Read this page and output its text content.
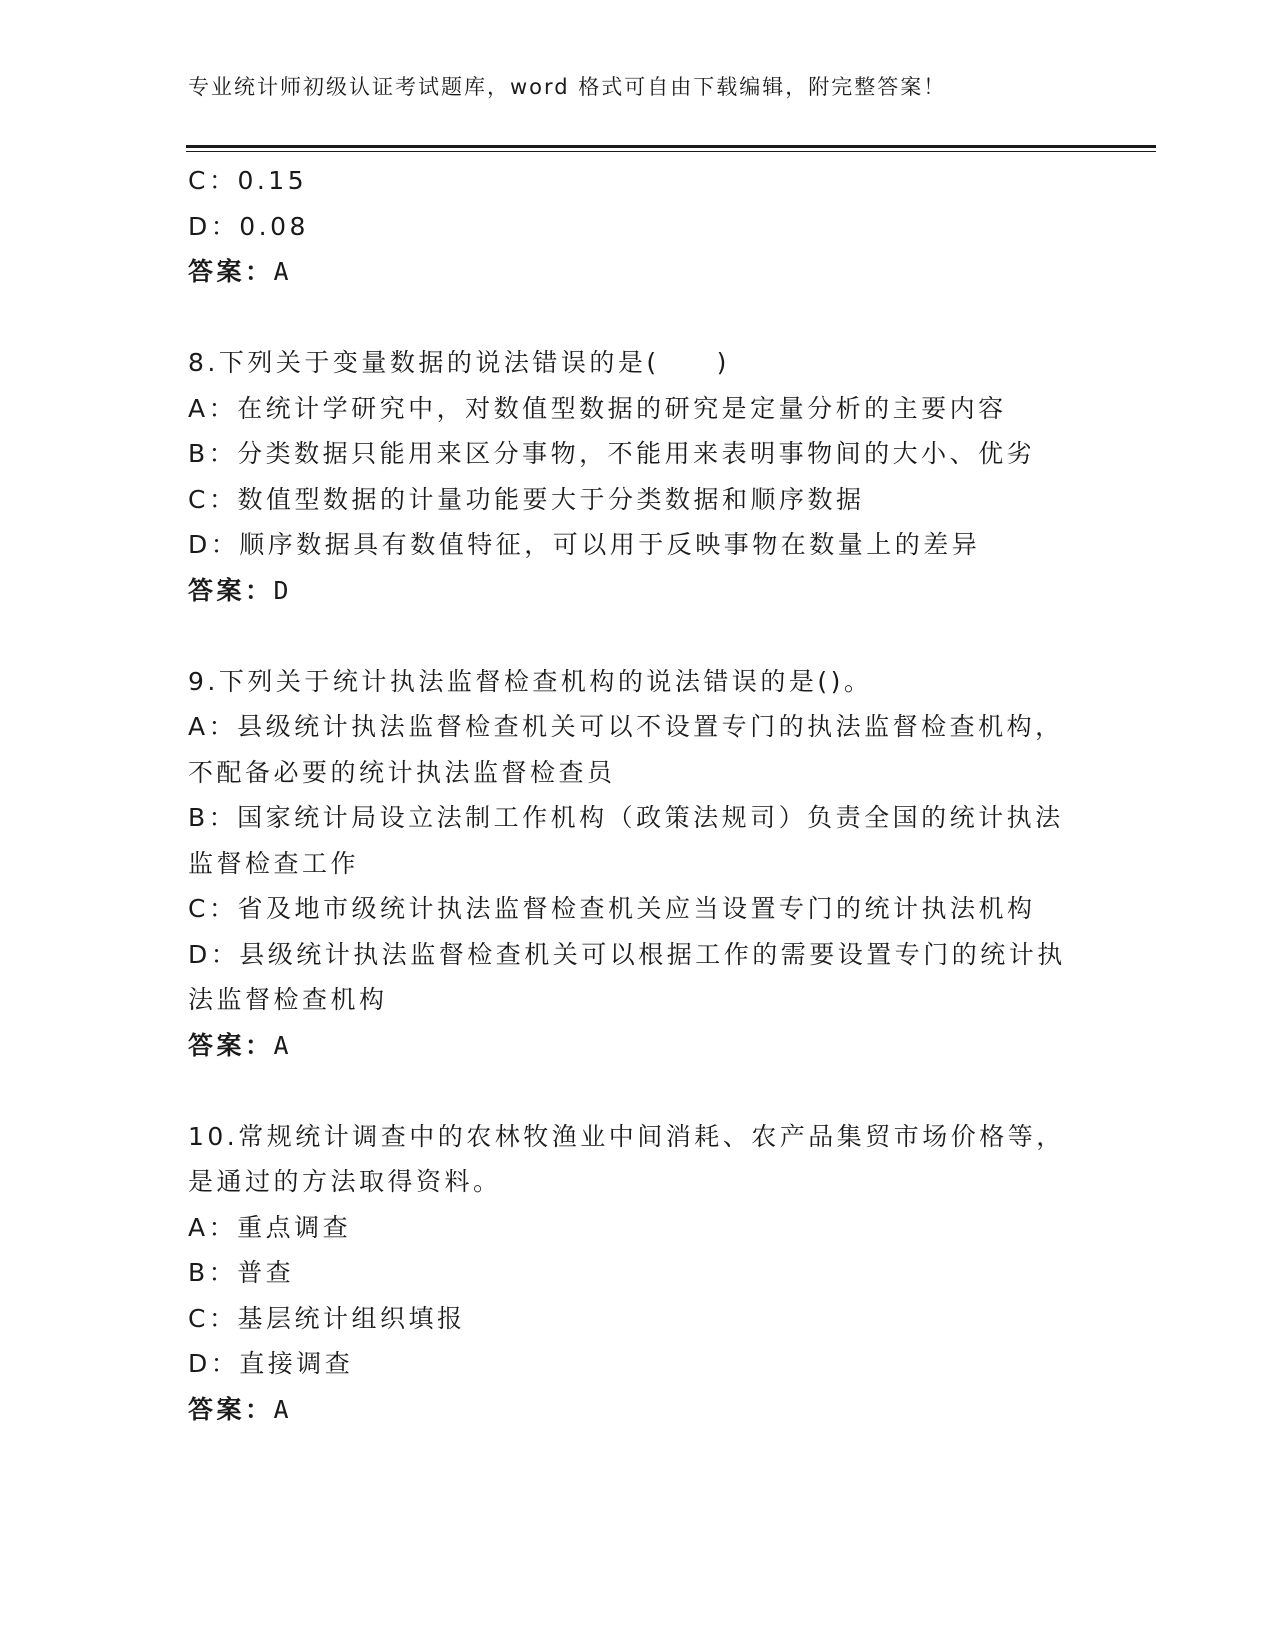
专业统计师初级认证考试题库，word 格式可自由下载编辑，附完整答案！
C：0.15
D：0.08
答案：A
8.下列关于变量数据的说法错误的是(　　)
A：在统计学研究中，对数值型数据的研究是定量分析的主要内容
B：分类数据只能用来区分事物，不能用来表明事物间的大小、优劣
C：数值型数据的计量功能要大于分类数据和顺序数据
D：顺序数据具有数值特征，可以用于反映事物在数量上的差异
答案：D
9.下列关于统计执法监督检查机构的说法错误的是()。
A：县级统计执法监督检查机关可以不设置专门的执法监督检查机构，
不配备必要的统计执法监督检查员
B：国家统计局设立法制工作机构（政策法规司）负责全国的统计执法
监督检查工作
C：省及地市级统计执法监督检查机关应当设置专门的统计执法机构
D：县级统计执法监督检查机关可以根据工作的需要设置专门的统计执
法监督检查机构
答案：A
10.常规统计调查中的农林牧渔业中间消耗、农产品集贸市场价格等，
是通过的方法取得资料。
A：重点调查
B：普查
C：基层统计组织填报
D：直接调查
答案：A
